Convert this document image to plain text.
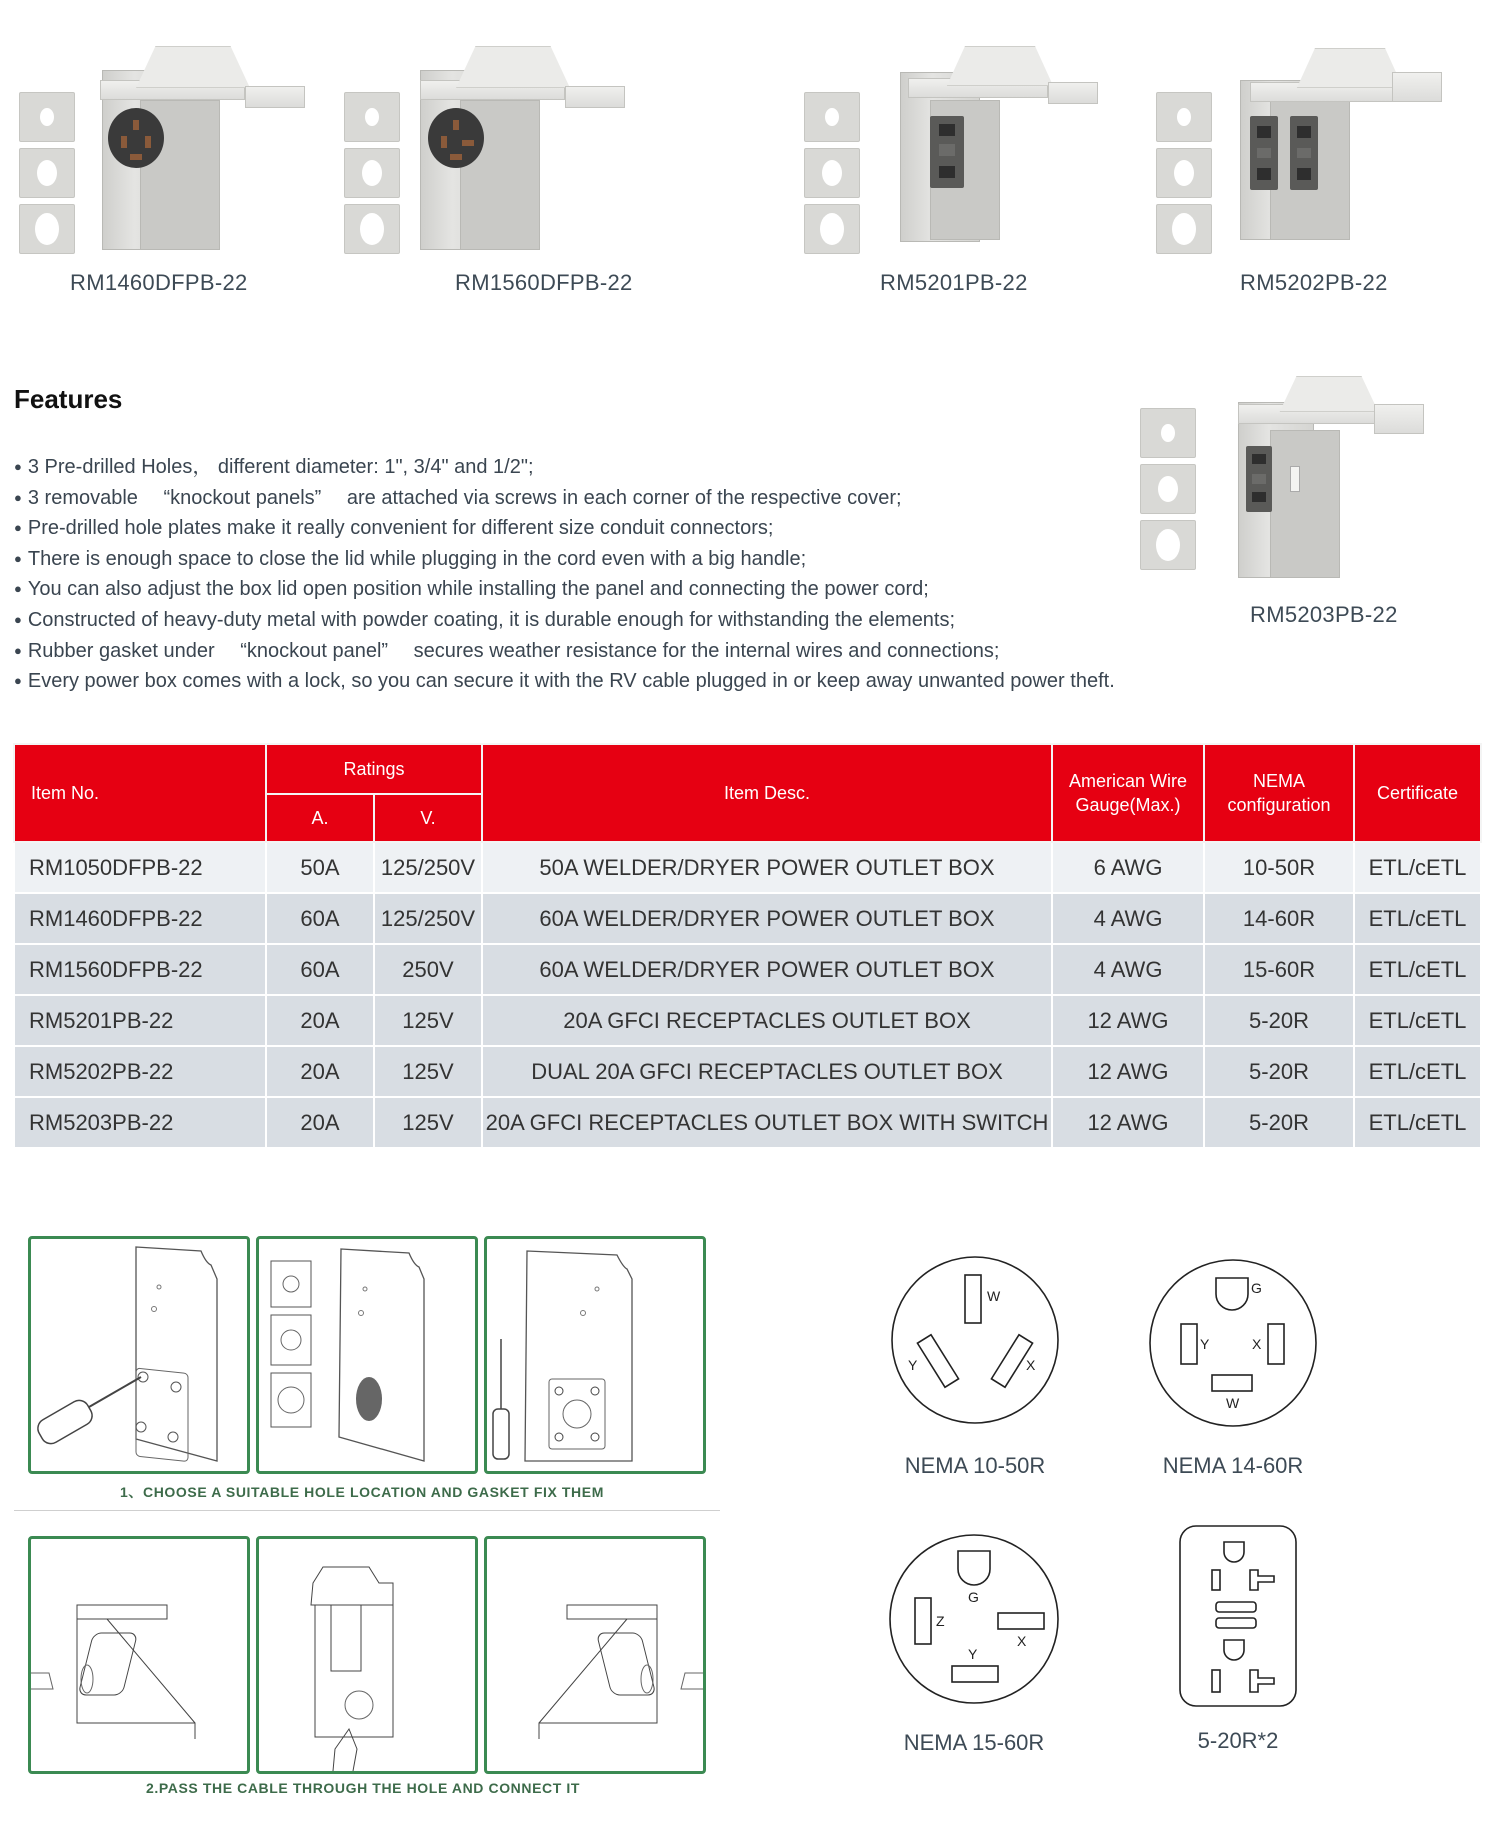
RM1460DFPB-22	RM1560DFPB-22	RM5201PB-22	RM5202PB-22
RM5203PB-22
Features
● 3 Pre-drilled Holes， different diameter: 1", 3/4" and 1/2";
● 3 removable 　“knockout panels”　 are attached via screws in each corner of the respective cover;
● Pre-drilled hole plates make it really convenient for different size conduit connectors;
● There is enough space to close the lid while plugging in the cord even with a big handle;
● You can also adjust the box lid open position while installing the panel and connecting the power cord;
● Constructed of heavy-duty metal with powder coating, it is durable enough for withstanding the elements;
● Rubber gasket under 　“knockout panel”　 secures weather resistance for the internal wires and connections;
● Every power box comes with a lock, so you can secure it with the RV cable plugged in or keep away unwanted power theft.
Item No.	Ratings		Item Desc.	American Wire Gauge(Max.)	NEMA configuration	Certificate
	A.	V.				
RM1050DFPB-22	50A	125/250V	50A WELDER/DRYER POWER OUTLET BOX	6 AWG	10-50R	ETL/cETL
RM1460DFPB-22	60A	125/250V	60A WELDER/DRYER POWER OUTLET BOX	4 AWG	14-60R	ETL/cETL
RM1560DFPB-22	60A	250V	60A WELDER/DRYER POWER OUTLET BOX	4 AWG	15-60R	ETL/cETL
RM5201PB-22	20A	125V	20A GFCI RECEPTACLES OUTLET BOX	12 AWG	5-20R	ETL/cETL
RM5202PB-22	20A	125V	DUAL 20A GFCI RECEPTACLES OUTLET BOX	12 AWG	5-20R	ETL/cETL
RM5203PB-22	20A	125V	20A GFCI RECEPTACLES OUTLET BOX WITH SWITCH	12 AWG	5-20R	ETL/cETL
1、CHOOSE A SUITABLE HOLE LOCATION AND GASKET FIX THEM
2.PASS THE CABLE THROUGH THE HOLE AND CONNECT IT
W
Y	X
NEMA 10-50R
G
Y	X
W
NEMA 14-60R
G
Z
X
Y
NEMA 15-60R	5-20R*2
